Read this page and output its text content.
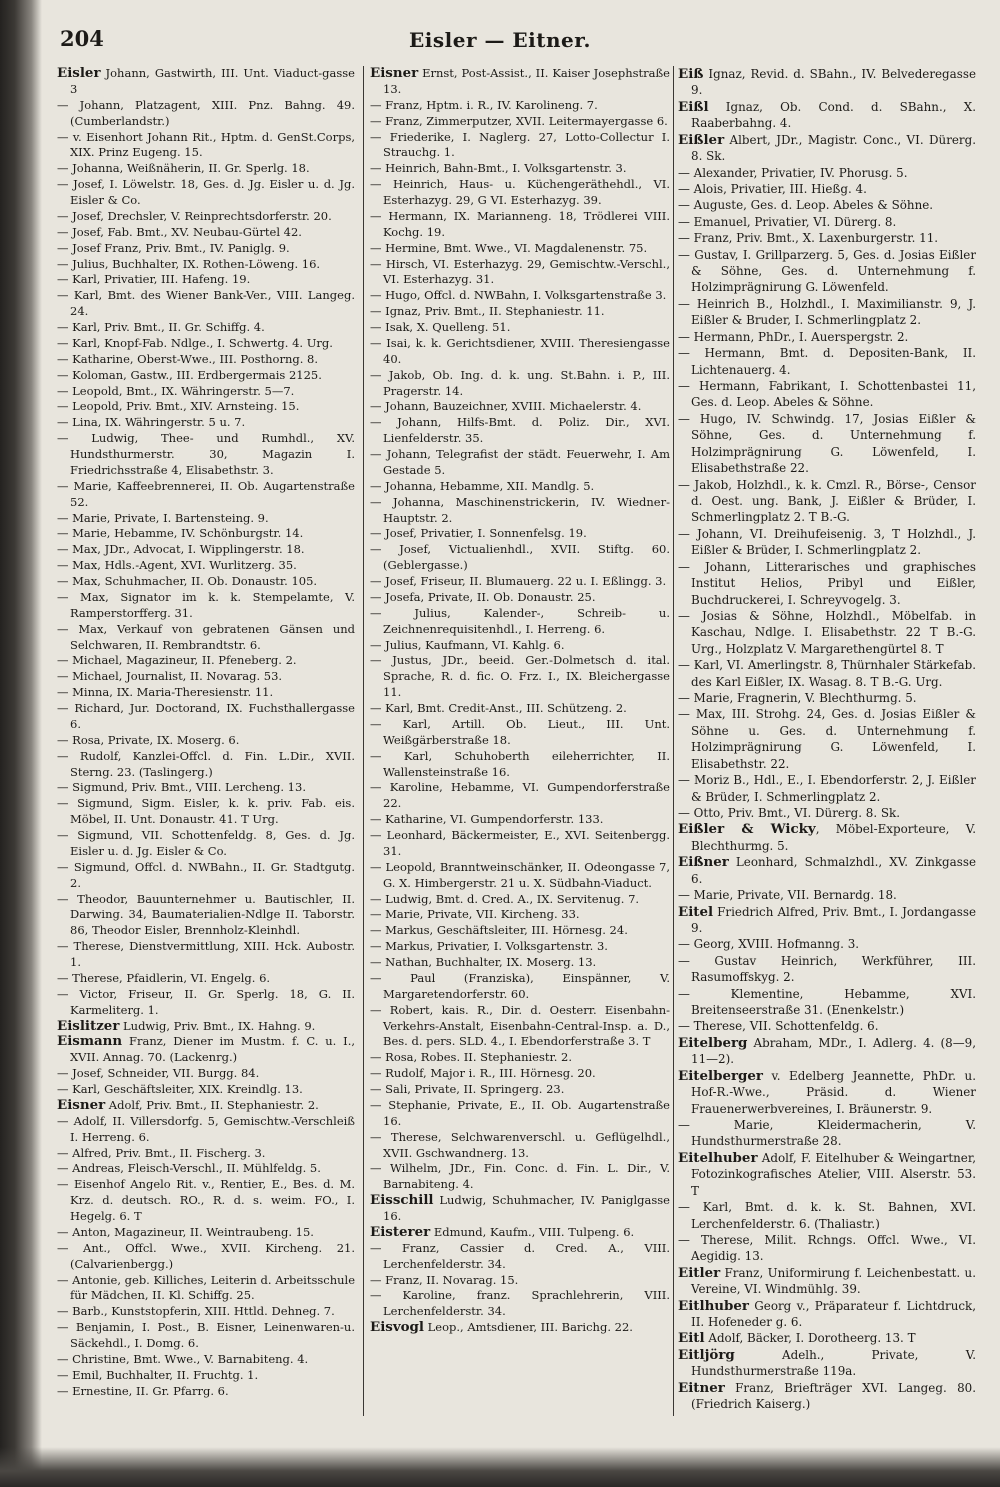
204	Eisler — Eitner.

Eisler Johann, Gastwirth, III. Unt. Viaduct-gasse 3

— Johann, Platzagent, XIII. Pnz. Bahng. 49. (Cumberlandstr.)

— v. Eisenhort Johann Rit., Hptm. d. GenSt.Corps, XIX. Prinz Eugeng. 15.

— Johanna, Weißnäherin, II. Gr. Sperlg. 18.

— Josef, I. Löwelstr. 18, Ges. d. Jg. Eisler u. d. Jg. Eisler & Co.

— Josef, Drechsler, V. Reinprechtsdorferstr. 20.

— Josef, Fab. Bmt., XV. Neubau-Gürtel 42.

— Josef Franz, Priv. Bmt., IV. Paniglg. 9.

— Julius, Buchhalter, IX. Rothen-Löweng. 16.

— Karl, Privatier, III. Hafeng. 19.

— Karl, Bmt. des Wiener Bank-Ver., VIII. Langeg. 24.

— Karl, Priv. Bmt., II. Gr. Schiffg. 4.

— Karl, Knopf-Fab. Ndlge., I. Schwertg. 4. Urg.

— Katharine, Oberst-Wwe., III. Posthorng. 8.

— Koloman, Gastw., III. Erdbergermais 2125.

— Leopold, Bmt., IX. Währingerstr. 5—7.

— Leopold, Priv. Bmt., XIV. Arnsteing. 15.

— Lina, IX. Währingerstr. 5 u. 7.

— Ludwig, Thee- und Rumhdl., XV. Hundsthurmerstr. 30, Magazin I. Friedrichsstraße 4, Elisabethstr. 3.

— Marie, Kaffeebrennerei, II. Ob. Augartenstraße 52.

— Marie, Private, I. Bartensteing. 9.

— Marie, Hebamme, IV. Schönburgstr. 14.

— Max, JDr., Advocat, I. Wipplingerstr. 18.

— Max, Hdls.-Agent, XVI. Wurlitzerg. 35.

— Max, Schuhmacher, II. Ob. Donaustr. 105.

— Max, Signator im k. k. Stempelamte, V. Ramperstorfferg. 31.

— Max, Verkauf von gebratenen Gänsen und Selchwaren, II. Rembrandtstr. 6.

— Michael, Magazineur, II. Pfeneberg. 2.

— Michael, Journalist, II. Novarag. 53.

— Minna, IX. Maria-Theresienstr. 11.

— Richard, Jur. Doctorand, IX. Fuchsthallergasse 6.

— Rosa, Private, IX. Moserg. 6.

— Rudolf, Kanzlei-Offcl. d. Fin. L.Dir., XVII. Sterng. 23. (Taslingerg.)

— Sigmund, Priv. Bmt., VIII. Lercheng. 13.

— Sigmund, Sigm. Eisler, k. k. priv. Fab. eis. Möbel, II. Unt. Donaustr. 41. T Urg.

— Sigmund, VII. Schottenfeldg. 8, Ges. d. Jg. Eisler u. d. Jg. Eisler & Co.

— Sigmund, Offcl. d. NWBahn., II. Gr. Stadtgutg. 2.

— Theodor, Bauunternehmer u. Bautischler, II. Darwing. 34, Baumaterialien-Ndlge II. Taborstr. 86, Theodor Eisler, Brennholz-Kleinhdl.

— Therese, Dienstvermittlung, XIII. Hck. Aubostr. 1.

— Therese, Pfaidlerin, VI. Engelg. 6.

— Victor, Friseur, II. Gr. Sperlg. 18, G. II. Karmeliterg. 1.

Eislitzer Ludwig, Priv. Bmt., IX. Hahng. 9.

Eismann Franz, Diener im Mustm. f. C. u. I., XVII. Annag. 70. (Lackenrg.)

— Josef, Schneider, VII. Burgg. 84.

— Karl, Geschäftsleiter, XIX. Kreindlg. 13.

Eisner Adolf, Priv. Bmt., II. Stephaniestr. 2.

— Adolf, II. Villersdorfg. 5, Gemischtw.-Verschleiß I. Herreng. 6.

— Alfred, Priv. Bmt., II. Fischerg. 3.

— Andreas, Fleisch-Verschl., II. Mühlfeldg. 5.

— Eisenhof Angelo Rit. v., Rentier, E., Bes. d. M. Krz. d. deutsch. RO., R. d. s. weim. FO., I. Hegelg. 6. T

— Anton, Magazineur, II. Weintraubeng. 15.

— Ant., Offcl. Wwe., XVII. Kircheng. 21. (Calvarienbergg.)

— Antonie, geb. Killiches, Leiterin d. Arbeitsschule für Mädchen, II. Kl. Schiffg. 25.

— Barb., Kunststopferin, XIII. Httld. Dehneg. 7.

— Benjamin, I. Post., B. Eisner, Leinenwaren-u. Säckehdl., I. Domg. 6.

— Christine, Bmt. Wwe., V. Barnabiteng. 4.

— Emil, Buchhalter, II. Fruchtg. 1.

— Ernestine, II. Gr. Pfarrg. 6.

Eisner Ernst, Post-Assist., II. Kaiser Josephstraße 13.

— Franz, Hptm. i. R., IV. Karolineng. 7.

— Franz, Zimmerputzer, XVII. Leitermayergasse 6.

— Friederike, I. Naglerg. 27, Lotto-Collectur I. Strauchg. 1.

— Heinrich, Bahn-Bmt., I. Volksgartenstr. 3.

— Heinrich, Haus- u. Küchengeräthehdl., VI. Esterhazyg. 29, G VI. Esterhazyg. 39.

— Hermann, IX. Marianneng. 18, Trödlerei VIII. Kochg. 19.

— Hermine, Bmt. Wwe., VI. Magdalenenstr. 75.

— Hirsch, VI. Esterhazyg. 29, Gemischtw.-Verschl., VI. Esterhazyg. 31.

— Hugo, Offcl. d. NWBahn, I. Volksgartenstraße 3.

— Ignaz, Priv. Bmt., II. Stephaniestr. 11.

— Isak, X. Quelleng. 51.

— Isai, k. k. Gerichtsdiener, XVIII. Theresiengasse 40.

— Jakob, Ob. Ing. d. k. ung. St.Bahn. i. P., III. Pragerstr. 14.

— Johann, Bauzeichner, XVIII. Michaelerstr. 4.

— Johann, Hilfs-Bmt. d. Poliz. Dir., XVI. Lienfelderstr. 35.

— Johann, Telegrafist der städt. Feuerwehr, I. Am Gestade 5.

— Johanna, Hebamme, XII. Mandlg. 5.

— Johanna, Maschinenstrickerin, IV. Wiedner-Hauptstr. 2.

— Josef, Privatier, I. Sonnenfelsg. 19.

— Josef, Victualienhdl., XVII. Stiftg. 60. (Geblergasse.)

— Josef, Friseur, II. Blumauerg. 22 u. I. Eßlingg. 3.

— Josefa, Private, II. Ob. Donaustr. 25.

— Julius, Kalender-, Schreib- u. Zeichnenrequisitenhdl., I. Herreng. 6.

— Julius, Kaufmann, VI. Kahlg. 6.

— Justus, JDr., beeid. Ger.-Dolmetsch d. ital. Sprache, R. d. fic. O. Frz. I., IX. Bleichergasse 11.

— Karl, Bmt. Credit-Anst., III. Schützeng. 2.

— Karl, Artill. Ob. Lieut., III. Unt. Weißgärberstraße 18.

— Karl, Schuhoberth eileherrichter, II. Wallensteinstraße 16.

— Karoline, Hebamme, VI. Gumpendorferstraße 22.

— Katharine, VI. Gumpendorferstr. 133.

— Leonhard, Bäckermeister, E., XVI. Seitenbergg. 31.

— Leopold, Branntweinschänker, II. Odeongasse 7, G. X. Himbergerstr. 21 u. X. Südbahn-Viaduct.

— Ludwig, Bmt. d. Cred. A., IX. Servitenug. 7.

— Marie, Private, VII. Kircheng. 33.

— Markus, Geschäftsleiter, III. Hörnesg. 24.

— Markus, Privatier, I. Volksgartenstr. 3.

— Nathan, Buchhalter, IX. Moserg. 13.

— Paul (Franziska), Einspänner, V. Margaretendorferstr. 60.

— Robert, kais. R., Dir. d. Oesterr. Eisenbahn-Verkehrs-Anstalt, Eisenbahn-Central-Insp. a. D., Bes. d. pers. SLD. 4., I. Ebendorferstraße 3. T

— Rosa, Robes. II. Stephaniestr. 2.

— Rudolf, Major i. R., III. Hörnesg. 20.

— Sali, Private, II. Springerg. 23.

— Stephanie, Private, E., II. Ob. Augartenstraße 16.

— Therese, Selchwarenverschl. u. Geflügelhdl., XVII. Gschwandnerg. 13.

— Wilhelm, JDr., Fin. Conc. d. Fin. L. Dir., V. Barnabiteng. 4.

Eisschill Ludwig, Schuhmacher, IV. Paniglgasse 16.

Eisterer Edmund, Kaufm., VIII. Tulpeng. 6.

— Franz, Cassier d. Cred. A., VIII. Lerchenfelderstr. 34.

— Franz, II. Novarag. 15.

— Karoline, franz. Sprachlehrerin, VIII. Lerchenfelderstr. 34.

Eisvogl Leop., Amtsdiener, III. Barichg. 22.

Eiß Ignaz, Revid. d. SBahn., IV. Belvederegasse 9.

Eißl Ignaz, Ob. Cond. d. SBahn., X. Raaberbahng. 4.

Eißler Albert, JDr., Magistr. Conc., VI. Dürerg. 8. Sk.

— Alexander, Privatier, IV. Phorusg. 5.

— Alois, Privatier, III. Hießg. 4.

— Auguste, Ges. d. Leop. Abeles & Söhne.

— Emanuel, Privatier, VI. Dürerg. 8.

— Franz, Priv. Bmt., X. Laxenburgerstr. 11.

— Gustav, I. Grillparzerg. 5, Ges. d. Josias Eißler & Söhne, Ges. d. Unternehmung f. Holzimprägnirung G. Löwenfeld.

— Heinrich B., Holzhdl., I. Maximilianstr. 9, J. Eißler & Bruder, I. Schmerlingplatz 2.

— Hermann, PhDr., I. Auerspergstr. 2.

— Hermann, Bmt. d. Depositen-Bank, II. Lichtenauerg. 4.

— Hermann, Fabrikant, I. Schottenbastei 11, Ges. d. Leop. Abeles & Söhne.

— Hugo, IV. Schwindg. 17, Josias Eißler & Söhne, Ges. d. Unternehmung f. Holzimprägnirung G. Löwenfeld, I. Elisabethstraße 22.

— Jakob, Holzhdl., k. k. Cmzl. R., Börse-, Censor d. Oest. ung. Bank, J. Eißler & Brüder, I. Schmerlingplatz 2. T B.-G.

— Johann, VI. Dreihufeisenig. 3, T Holzhdl., J. Eißler & Brüder, I. Schmerlingplatz 2.

— Johann, Litterarisches und graphisches Institut Helios, Pribyl und Eißler, Buchdruckerei, I. Schreyvogelg. 3.

— Josias & Söhne, Holzhdl., Möbelfab. in Kaschau, Ndlge. I. Elisabethstr. 22 T B.-G. Urg., Holzplatz V. Margarethengürtel 8. T

— Karl, VI. Amerlingstr. 8, Thürnhaler Stärkefab. des Karl Eißler, IX. Wasag. 8. T B.-G. Urg.

— Marie, Fragnerin, V. Blechthurmg. 5.

— Max, III. Strohg. 24, Ges. d. Josias Eißler & Söhne u. Ges. d. Unternehmung f. Holzimprägnirung G. Löwenfeld, I. Elisabethstr. 22.

— Moriz B., Hdl., E., I. Ebendorferstr. 2, J. Eißler & Brüder, I. Schmerlingplatz 2.

— Otto, Priv. Bmt., VI. Dürerg. 8. Sk.

Eißler & Wicky, Möbel-Exporteure, V. Blechthurmg. 5.

Eißner Leonhard, Schmalzhdl., XV. Zinkgasse 6.

— Marie, Private, VII. Bernardg. 18.

Eitel Friedrich Alfred, Priv. Bmt., I. Jordangasse 9.

— Georg, XVIII. Hofmanng. 3.

— Gustav Heinrich, Werkführer, III. Rasumoffskyg. 2.

— Klementine, Hebamme, XVI. Breitenseerstraße 31. (Enenkelstr.)

— Therese, VII. Schottenfeldg. 6.

Eitelberg Abraham, MDr., I. Adlerg. 4. (8—9, 11—2).

Eitelberger v. Edelberg Jeannette, PhDr. u. Hof-R.-Wwe., Präsid. d. Wiener Frauenerwerbvereines, I. Bräunerstr. 9.

— Marie, Kleidermacherin, V. Hundsthurmerstraße 28.

Eitelhuber Adolf, F. Eitelhuber & Weingartner, Fotozinkografisches Atelier, VIII. Alserstr. 53. T

— Karl, Bmt. d. k. k. St. Bahnen, XVI. Lerchenfelderstr. 6. (Thaliastr.)

— Therese, Milit. Rchngs. Offcl. Wwe., VI. Aegidig. 13.

Eitler Franz, Uniformirung f. Leichenbestatt. u. Vereine, VI. Windmühlg. 39.

Eitlhuber Georg v., Präparateur f. Lichtdruck, II. Hofeneder g. 6.

Eitl Adolf, Bäcker, I. Dorotheerg. 13. T

Eitljörg Adelh., Private, V. Hundsthurmerstraße 119a.

Eitner Franz, Briefträger XVI. Langeg. 80. (Friedrich Kaiserg.)
